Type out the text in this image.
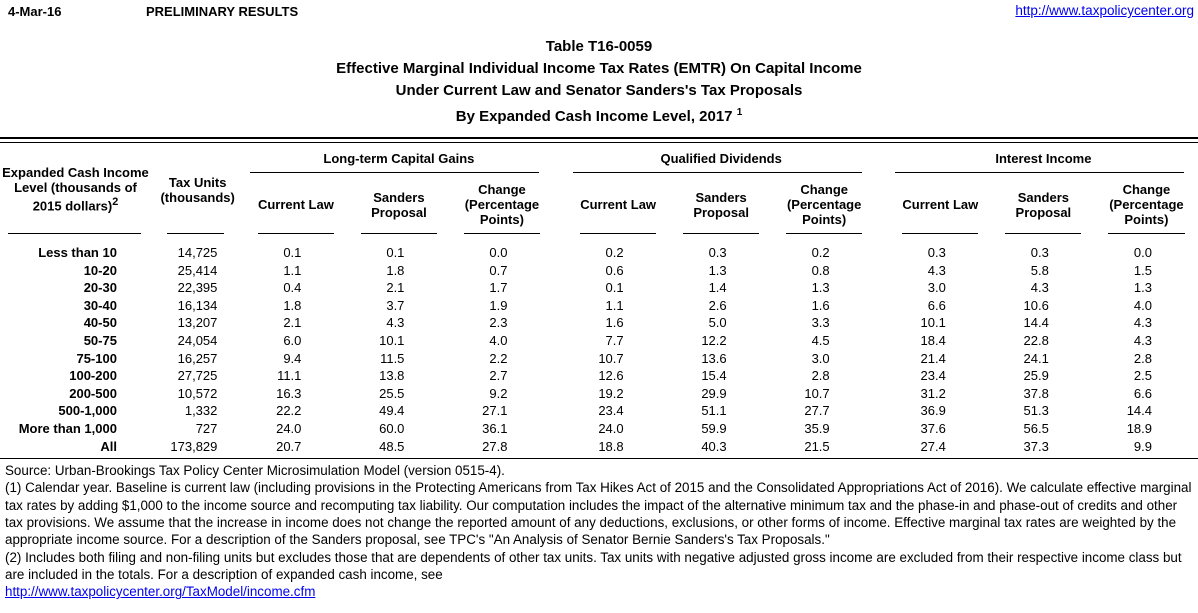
4-Mar-16	PRELIMINARY RESULTS	http://www.taxpolicycenter.org
Table T16-0059
Effective Marginal Individual Income Tax Rates (EMTR) On Capital Income
Under Current Law and Senator Sanders's Tax Proposals
By Expanded Cash Income Level, 2017 $^1$
Expanded Cash Income Level (thousands of 2015 dollars)$^2$	Tax Units (thousands)	Long-term Capital Gains				Qualified Dividends				Interest Income		
		Current Law	Sanders Proposal	Change (Percentage Points)		Current Law	Sanders Proposal	Change (Percentage Points)		Current Law	Sanders Proposal	Change (Percentage Points)
Less than 10	14,725	0.1	0.1	0.0		0.2	0.3	0.2		0.3	0.3	0.0
10-20	25,414	1.1	1.8	0.7		0.6	1.3	0.8		4.3	5.8	1.5
20-30	22,395	0.4	2.1	1.7		0.1	1.4	1.3		3.0	4.3	1.3
30-40	16,134	1.8	3.7	1.9		1.1	2.6	1.6		6.6	10.6	4.0
40-50	13,207	2.1	4.3	2.3		1.6	5.0	3.3		10.1	14.4	4.3
50-75	24,054	6.0	10.1	4.0		7.7	12.2	4.5		18.4	22.8	4.3
75-100	16,257	9.4	11.5	2.2		10.7	13.6	3.0		21.4	24.1	2.8
100-200	27,725	11.1	13.8	2.7		12.6	15.4	2.8		23.4	25.9	2.5
200-500	10,572	16.3	25.5	9.2		19.2	29.9	10.7		31.2	37.8	6.6
500-1,000	1,332	22.2	49.4	27.1		23.4	51.1	27.7		36.9	51.3	14.4
More than 1,000	727	24.0	60.0	36.1		24.0	59.9	35.9		37.6	56.5	18.9
All	173,829	20.7	48.5	27.8		18.8	40.3	21.5		27.4	37.3	9.9
Source: Urban-Brookings Tax Policy Center Microsimulation Model (version 0515-4).
(1) Calendar year. Baseline is current law (including provisions in the Protecting Americans from Tax Hikes Act of 2015 and the Consolidated Appropriations Act of 2016). We calculate effective marginal tax rates by adding $1,000 to the income source and recomputing tax liability. Our computation includes the impact of the alternative minimum tax and the phase-in and phase-out of credits and other tax provisions. We assume that the increase in income does not change the reported amount of any deductions, exclusions, or other forms of income. Effective marginal tax rates are weighted by the appropriate income source. For a description of the Sanders proposal, see TPC's "An Analysis of Senator Bernie Sanders's Tax Proposals."
(2) Includes both filing and non-filing units but excludes those that are dependents of other tax units. Tax units with negative adjusted gross income are excluded from their respective income class but are included in the totals. For a description of expanded cash income, see
http://www.taxpolicycenter.org/TaxModel/income.cfm
